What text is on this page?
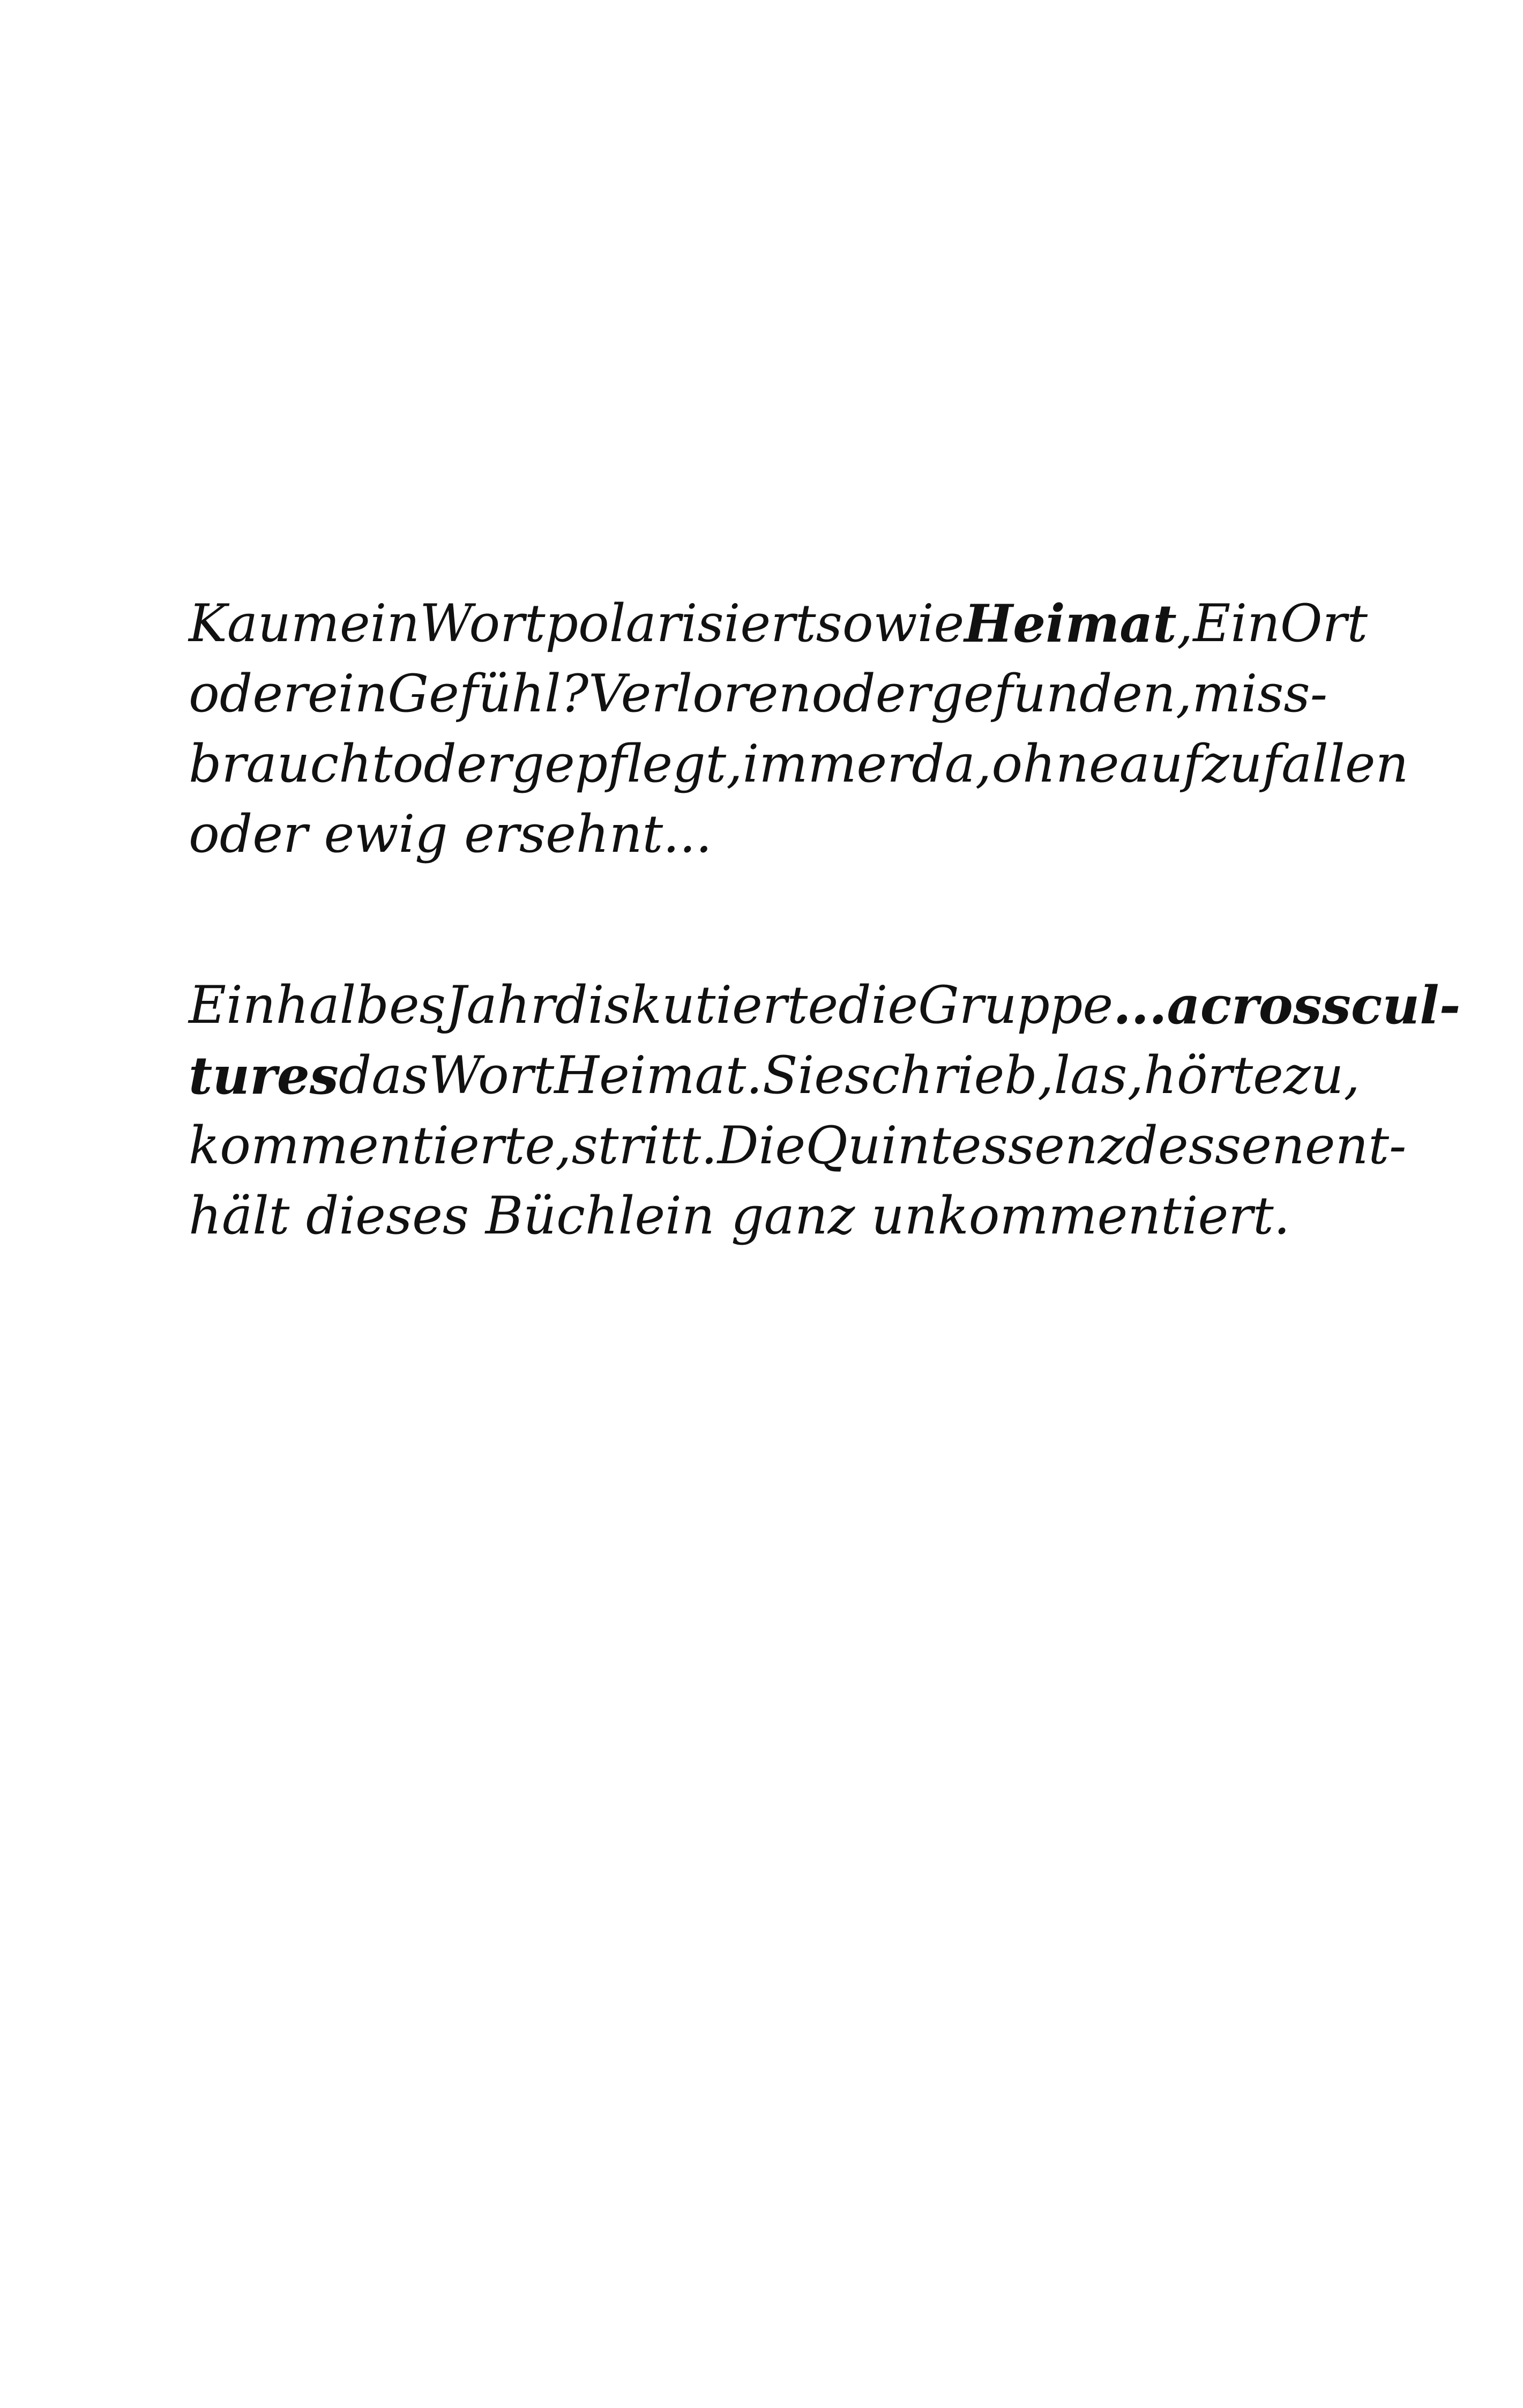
Kaum ein Wort polarisiert so wie Heimat, Ein Ort
oder ein Gefühl? Verloren oder gefunden, miss-
braucht oder gepflegt, immer da, ohne aufzufallen
oder ewig ersehnt...
Ein halbes Jahr diskutierte die Gruppe ...across cul-
tures das Wort Heimat. Sie schrieb, las, hörte zu,
kommentierte, stritt. Die Quintessenz dessen ent-
hält dieses Büchlein ganz unkommentiert.
